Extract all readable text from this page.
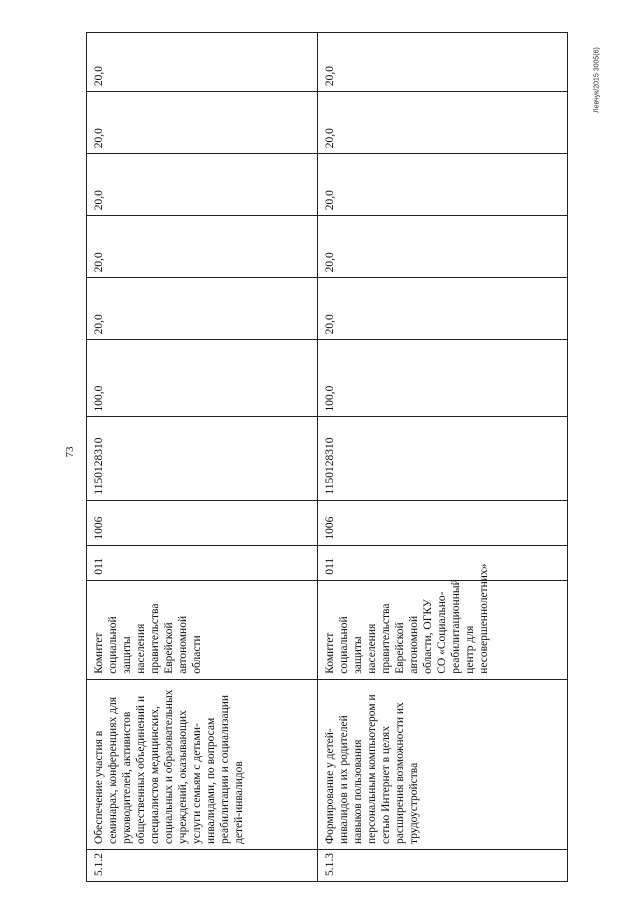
73
Левчук/2015 3005(6)
5.1.2	Обеспечение участия в семинарах, конференциях для руководителей, активистов общественных объединений и специалистов медицинских, социальных и образовательных учреждений, оказывающих услуги семьям с детьми-инвалидами, по вопросам реабилитации и социализации детей-инвалидов	Комитет социальной защиты населения правительства Еврейской автономной области	011	1006	1150128310	100,0	20,0	20,0	20,0	20,0	20,0
5.1.3	Формирование у детей-инвалидов и их родителей навыков пользования персональным компьютером и сетью Интернет в целях расширения возможности их трудоустройства	Комитет социальной защиты населения правительства Еврейской автономной области, ОГКУ СО «Социально-реабилитационный центр для несовершеннолетних»	011	1006	1150128310	100,0	20,0	20,0	20,0	20,0	20,0
